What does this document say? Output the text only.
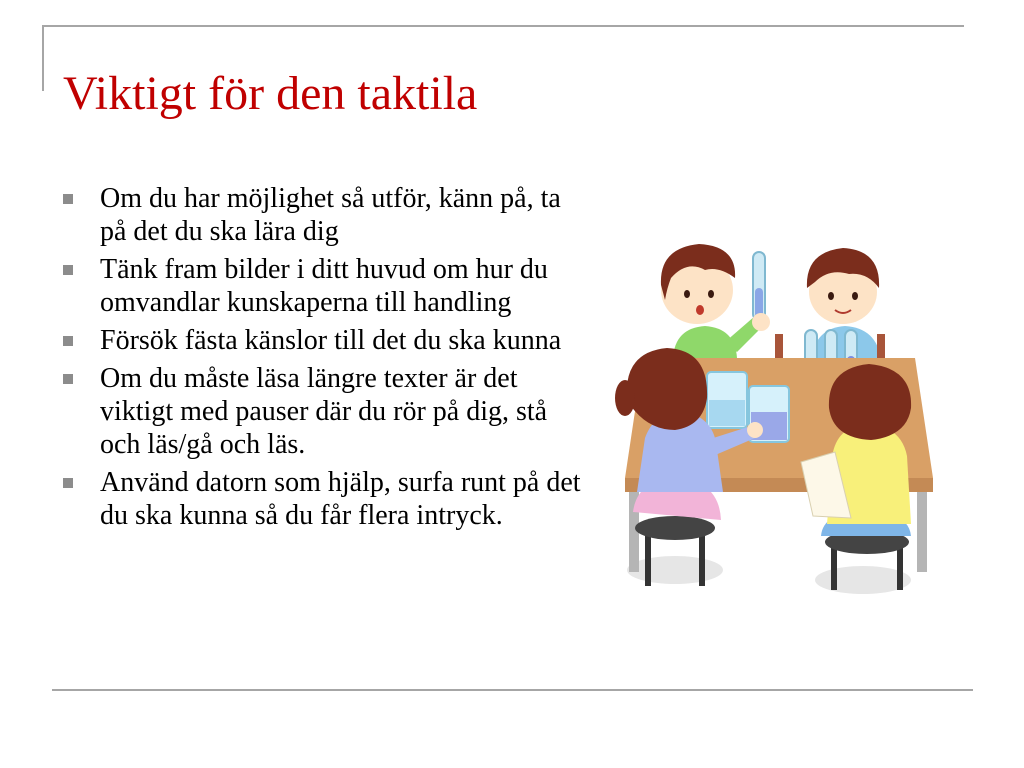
Viktigt för den taktila
Om du har möjlighet så utför, känn på, ta på det du ska lära dig
Tänk fram bilder i ditt huvud om hur du omvandlar kunskaperna till handling
Försök fästa känslor till det du ska kunna
Om du måste läsa längre texter är det viktigt med pauser där du rör på dig, stå och läs/gå och läs.
Använd datorn som hjälp, surfa runt på det du ska kunna så du får flera intryck.
